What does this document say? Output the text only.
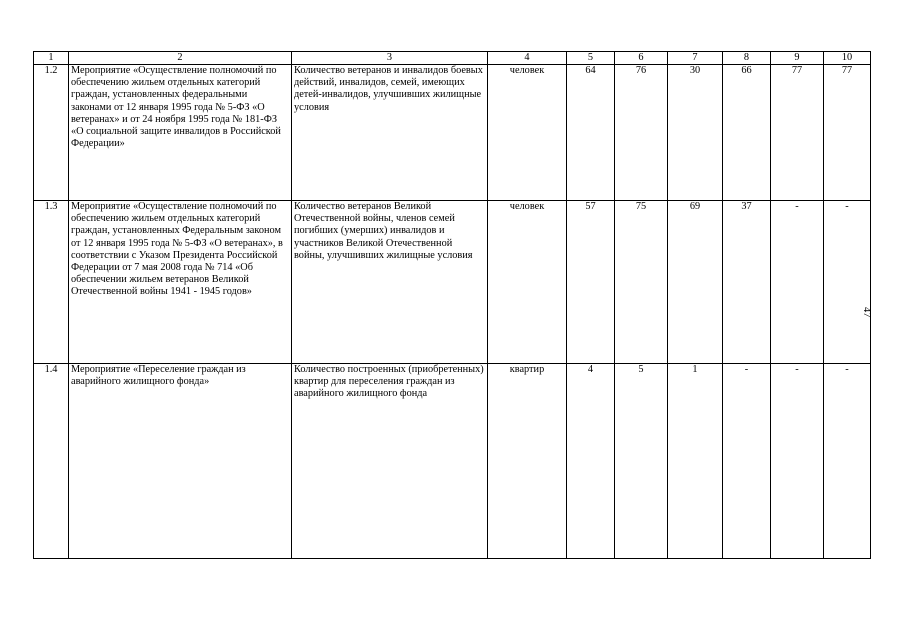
1	2	3	4	5	6	7	8	9	10
1.2	Мероприятие «Осуществление полномочий по обеспечению жильем отдельных категорий граждан, установленных федеральными законами от 12 января 1995 года № 5-ФЗ «О ветеранах» и от 24 ноября 1995 года № 181-ФЗ «О социальной защите инвалидов в Российской Федерации»	Количество ветеранов и инвалидов боевых действий, инвалидов, семей, имеющих детей-инвалидов, улучшивших жилищные условия	человек	64	76	30	66	77	77
1.3	Мероприятие «Осуществление полномочий по обеспечению жильем отдельных категорий граждан, установленных Федеральным законом от 12 января 1995 года № 5-ФЗ «О ветеранах», в соответствии с Указом Президента Российской Федерации от 7 мая 2008 года № 714 «Об обеспечении жильем ветеранов Великой Отечественной войны 1941 - 1945 годов»	Количество ветеранов Великой Отечественной войны, членов семей погибших (умерших) инвалидов и участников Великой Отечественной войны, улучшивших жилищные условия	человек	57	75	69	37	-	-
1.4	Мероприятие «Переселение граждан из аварийного жилищного фонда»	Количество построенных (приобретенных) квартир для переселения граждан из аварийного жилищного фонда	квартир	4	5	1	-	-	-
47
